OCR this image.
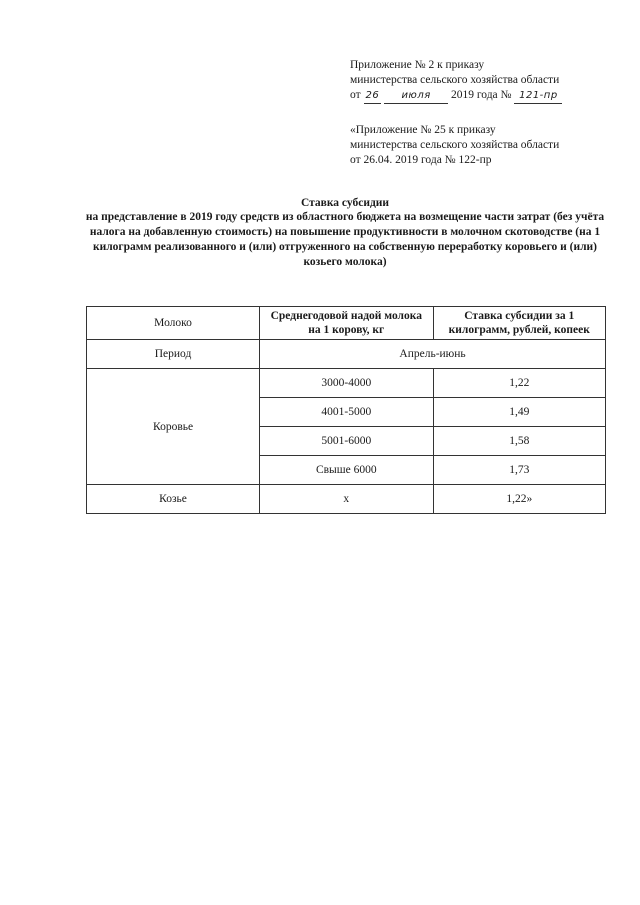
Приложение № 2 к приказу
министерства сельского хозяйства области
от 26 июля 2019 года № 121-пр
«Приложение № 25 к приказу
министерства сельского хозяйства области
от 26.04. 2019 года № 122-пр
Ставка субсидии
на представление в 2019 году средств из областного бюджета на возмещение части затрат (без учёта налога на добавленную стоимость) на повышение продуктивности в молочном скотоводстве (на 1 килограмм реализованного и (или) отгруженного на собственную переработку коровьего и (или) козьего молока)
Молоко	Среднегодовой надой молока на 1 корову, кг	Ставка субсидии за 1 килограмм, рублей, копеек
Период	Апрель-июнь	
Коровье	3000-4000	1,22
	4001-5000	1,49
	5001-6000	1,58
	Свыше 6000	1,73
Козье	х	1,22»
